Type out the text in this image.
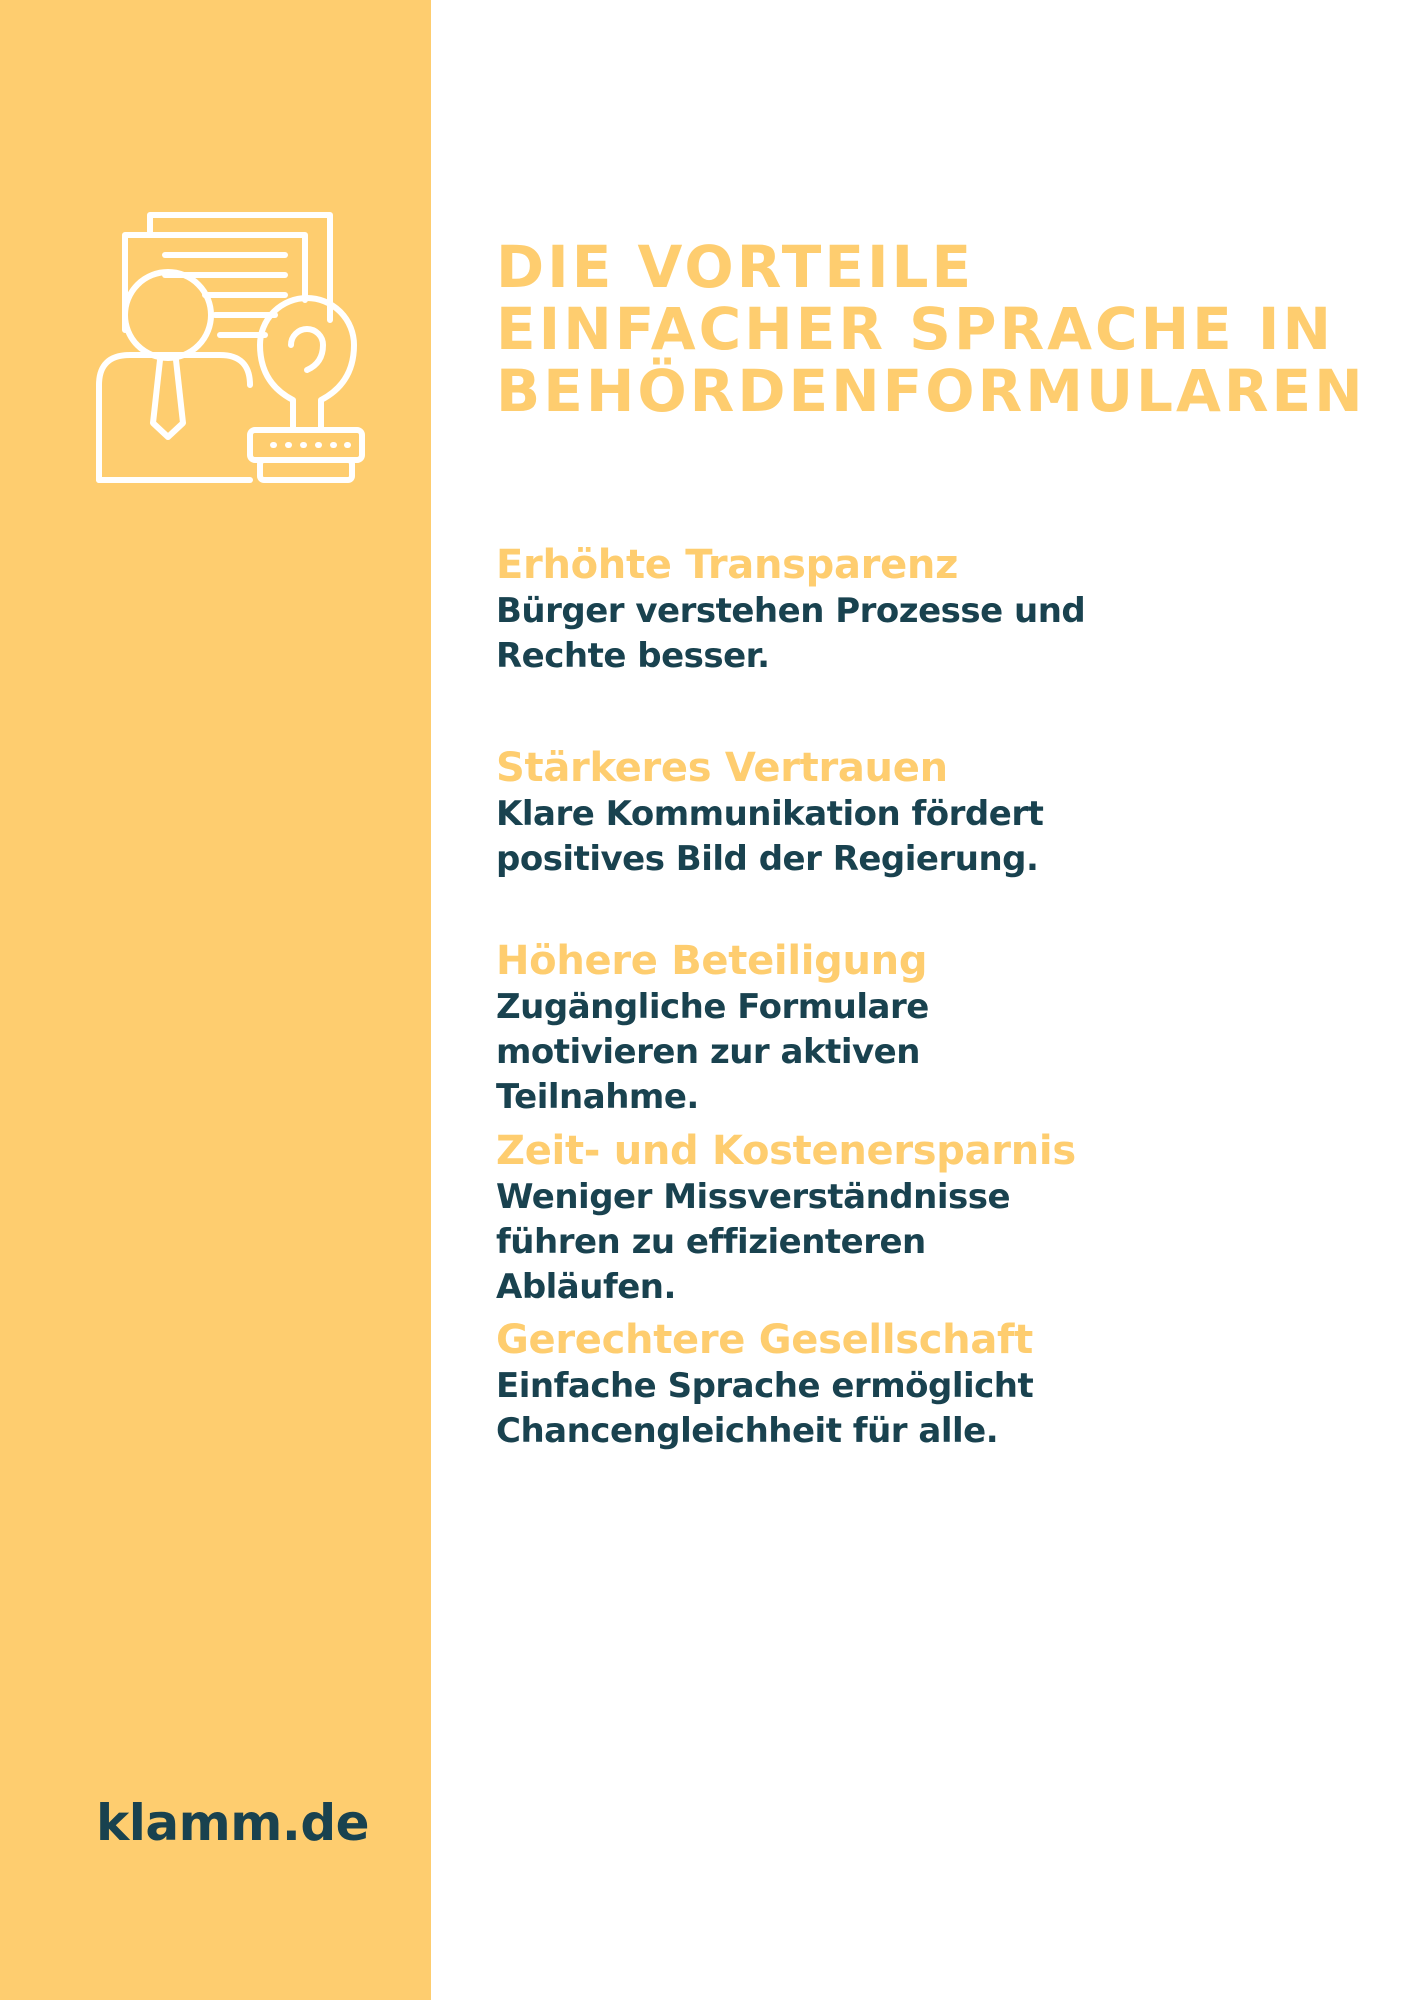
klamm.de
DIE VORTEILE EINFACHER SPRACHE IN BEHÖRDENFORMULAREN

Erhöhte Transparenz

Bürger verstehen Prozesse und Rechte besser.

Stärkeres Vertrauen

Klare Kommunikation fördert positives Bild der Regierung.

Höhere Beteiligung

Zugängliche Formulare motivieren zur aktiven Teilnahme.

Zeit- und Kostenersparnis

Weniger Missverständnisse führen zu effizienteren Abläufen.

Gerechtere Gesellschaft

Einfache Sprache ermöglicht Chancengleichheit für alle.
